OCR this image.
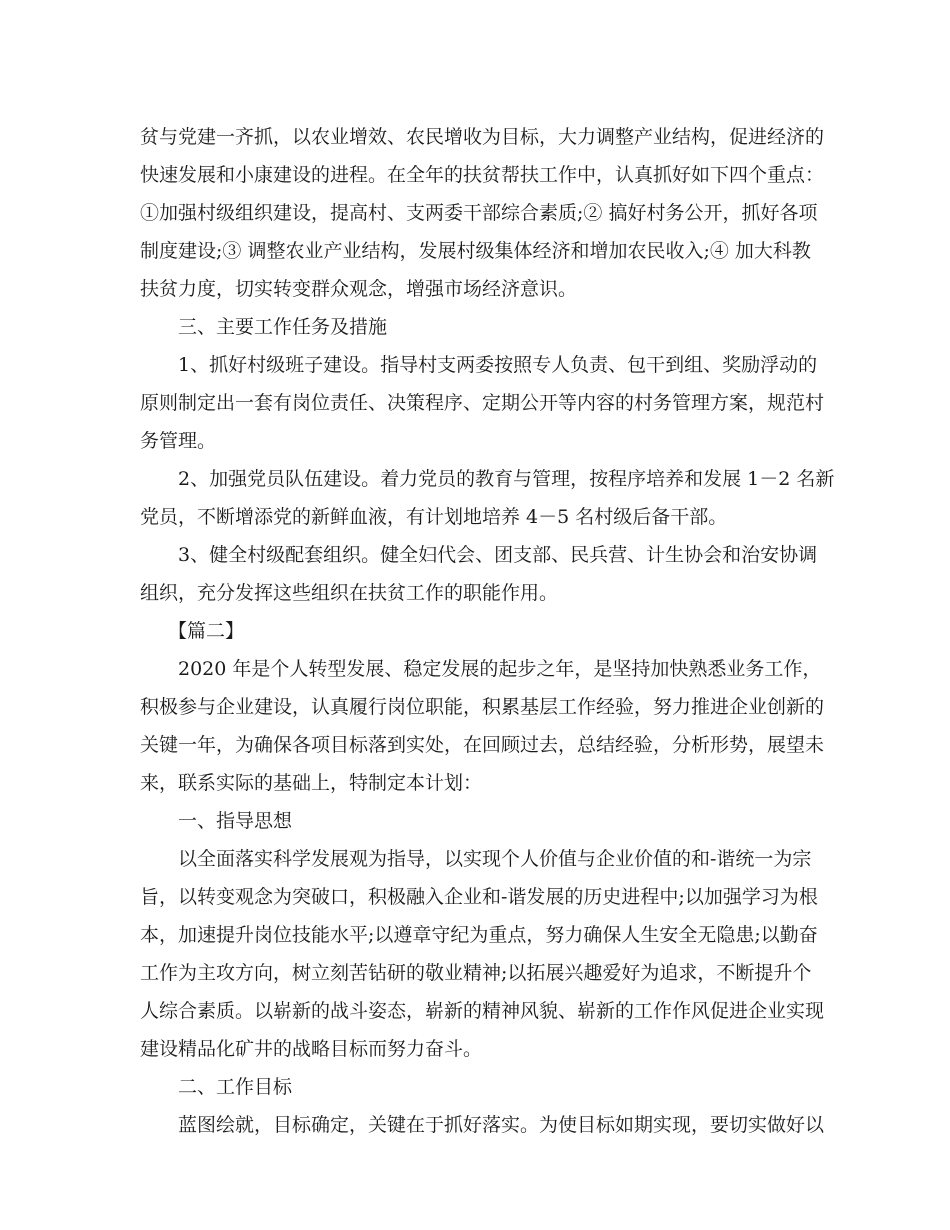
贫与党建一齐抓，以农业增效、农民增收为目标，大力调整产业结构，促进经济的
快速发展和小康建设的进程。在全年的扶贫帮扶工作中，认真抓好如下四个重点：
①加强村级组织建设，提高村、支两委干部综合素质;② 搞好村务公开，抓好各项
制度建设;③ 调整农业产业结构，发展村级集体经济和增加农民收入;④ 加大科教
扶贫力度，切实转变群众观念，增强市场经济意识。
三、主要工作任务及措施
1、抓好村级班子建设。指导村支两委按照专人负责、包干到组、奖励浮动的
原则制定出一套有岗位责任、决策程序、定期公开等内容的村务管理方案，规范村
务管理。
2、加强党员队伍建设。着力党员的教育与管理，按程序培养和发展 1－2 名新
党员，不断增添党的新鲜血液，有计划地培养 4－5 名村级后备干部。
3、健全村级配套组织。健全妇代会、团支部、民兵营、计生协会和治安协调
组织，充分发挥这些组织在扶贫工作的职能作用。
【篇二】
2020 年是个人转型发展、稳定发展的起步之年，是坚持加快熟悉业务工作，
积极参与企业建设，认真履行岗位职能，积累基层工作经验，努力推进企业创新的
关键一年，为确保各项目标落到实处，在回顾过去，总结经验，分析形势，展望未
来，联系实际的基础上，特制定本计划：
一、指导思想
以全面落实科学发展观为指导，以实现个人价值与企业价值的和-谐统一为宗
旨，以转变观念为突破口，积极融入企业和-谐发展的历史进程中;以加强学习为根
本，加速提升岗位技能水平;以遵章守纪为重点，努力确保人生安全无隐患;以勤奋
工作为主攻方向，树立刻苦钻研的敬业精神;以拓展兴趣爱好为追求，不断提升个
人综合素质。以崭新的战斗姿态，崭新的精神风貌、崭新的工作作风促进企业实现
建设精品化矿井的战略目标而努力奋斗。
二、工作目标
蓝图绘就，目标确定，关键在于抓好落实。为使目标如期实现，要切实做好以
